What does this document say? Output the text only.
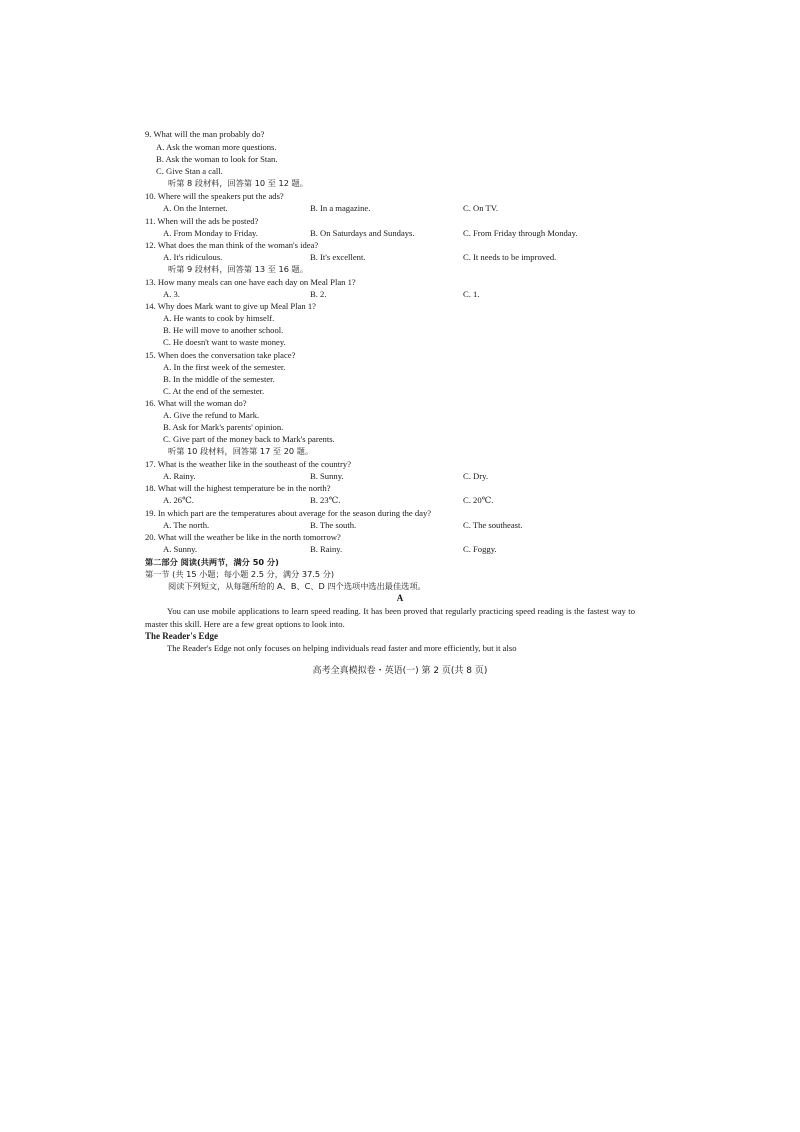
9. What will the man probably do?
A. Ask the woman more questions.
B. Ask the woman to look for Stan.
C. Give Stan a call.
听第 8 段材料，回答第 10 至 12 题。
10. Where will the speakers put the ads?
A. On the Internet.	B. In a magazine.	C. On TV.
11. When will the ads be posted?
A. From Monday to Friday.	B. On Saturdays and Sundays.	C. From Friday through Monday.
12. What does the man think of the woman's idea?
A. It's ridiculous.	B. It's excellent.	C. It needs to be improved.
听第 9 段材料，回答第 13 至 16 题。
13. How many meals can one have each day on Meal Plan 1?
A. 3.	B. 2.	C. 1.
14. Why does Mark want to give up Meal Plan 1?
A. He wants to cook by himself.
B. He will move to another school.
C. He doesn't want to waste money.
15. When does the conversation take place?
A. In the first week of the semester.
B. In the middle of the semester.
C. At the end of the semester.
16. What will the woman do?
A. Give the refund to Mark.
B. Ask for Mark's parents' opinion.
C. Give part of the money back to Mark's parents.
听第 10 段材料，回答第 17 至 20 题。
17. What is the weather like in the southeast of the country?
A. Rainy.	B. Sunny.	C. Dry.
18. What will the highest temperature be in the north?
A. 26℃.	B. 23℃.	C. 20℃.
19. In which part are the temperatures about average for the season during the day?
A. The north.	B. The south.	C. The southeast.
20. What will the weather be like in the north tomorrow?
A. Sunny.	B. Rainy.	C. Foggy.
第二部分 阅读(共两节，满分 50 分)
第一节 (共 15 小题；每小题 2.5 分，满分 37.5 分)
阅读下列短文，从每题所给的 A、B、C、D 四个选项中选出最佳选项。
A
You can use mobile applications to learn speed reading. It has been proved that regularly practicing speed reading is the fastest way to master this skill. Here are a few great options to look into.
The Reader's Edge
The Reader's Edge not only focuses on helping individuals read faster and more efficiently, but it also
高考全真模拟卷・英语(一) 第 2 页(共 8 页)
